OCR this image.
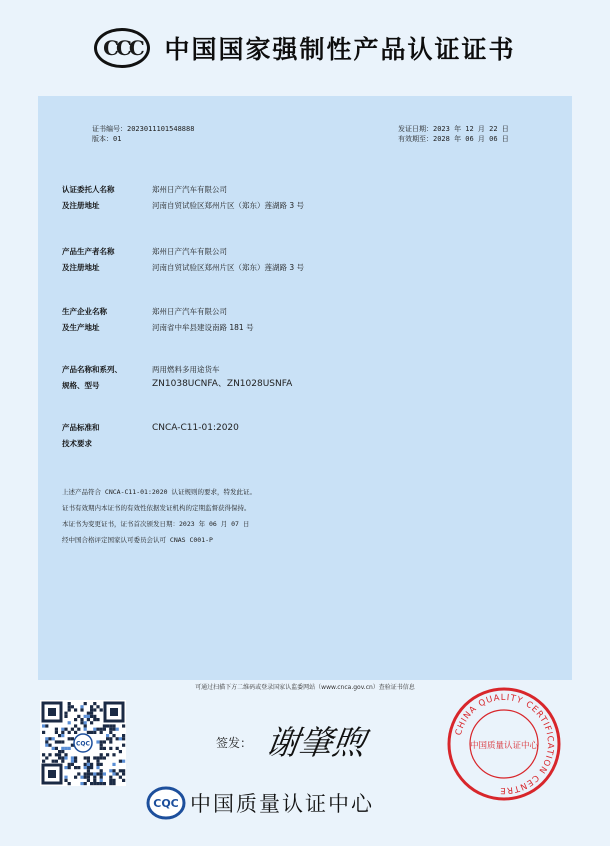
CCC 中国国家强制性产品认证证书
证书编号：2023011101548888
版本：01
发证日期：2023 年 12 月 22 日
有效期至：2028 年 06 月 06 日
认证委托人名称
及注册地址
郑州日产汽车有限公司
河南自贸试验区郑州片区（郑东）莲湖路 3 号
产品生产者名称
及注册地址
郑州日产汽车有限公司
河南自贸试验区郑州片区（郑东）莲湖路 3 号
生产企业名称
及生产地址
郑州日产汽车有限公司
河南省中牟县建设南路 181 号
产品名称和系列、
规格、型号
两用燃料多用途货车
ZN1038UCNFA、ZN1028USNFA
产品标准和
技术要求
CNCA-C11-01:2020
上述产品符合 CNCA-C11-01:2020 认证规则的要求，特发此证。
证书有效期内本证书的有效性依据发证机构的定期监督获得保持。
本证书为变更证书，证书首次颁发日期：2023 年 06 月 07 日
经中国合格评定国家认可委员会认可 CNAS C001-P
可通过扫描下方二维码或登录国家认监委网站（www.cnca.gov.cn）查验证书信息
CQC	签发： 谢肇煦	CHINA QUALITY CERTIFICATION CENTRE
中国质量认证中心
CQC 中国质量认证中心
